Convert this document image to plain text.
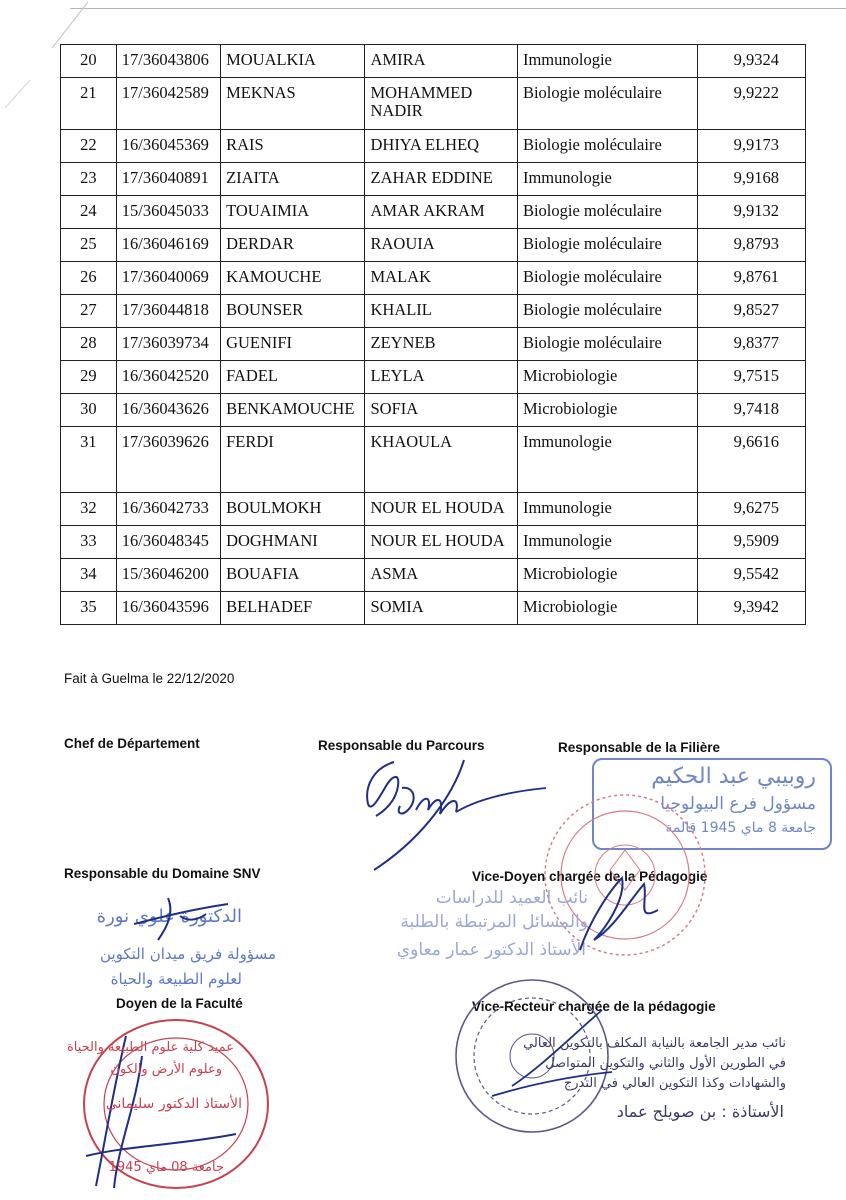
20	17/36043806	MOUALKIA	AMIRA	Immunologie	9,9324
21	17/36042589	MEKNAS	MOHAMMED NADIR	Biologie moléculaire	9,9222
22	16/36045369	RAIS	DHIYA ELHEQ	Biologie moléculaire	9,9173
23	17/36040891	ZIAITA	ZAHAR EDDINE	Immunologie	9,9168
24	15/36045033	TOUAIMIA	AMAR AKRAM	Biologie moléculaire	9,9132
25	16/36046169	DERDAR	RAOUIA	Biologie moléculaire	9,8793
26	17/36040069	KAMOUCHE	MALAK	Biologie moléculaire	9,8761
27	17/36044818	BOUNSER	KHALIL	Biologie moléculaire	9,8527
28	17/36039734	GUENIFI	ZEYNEB	Biologie moléculaire	9,8377
29	16/36042520	FADEL	LEYLA	Microbiologie	9,7515
30	16/36043626	BENKAMOUCHE	SOFIA	Microbiologie	9,7418
31	17/36039626	FERDI	KHAOULA	Immunologie	9,6616
32	16/36042733	BOULMOKH	NOUR EL HOUDA	Immunologie	9,6275
33	16/36048345	DOGHMANI	NOUR EL HOUDA	Immunologie	9,5909
34	15/36046200	BOUAFIA	ASMA	Microbiologie	9,5542
35	16/36043596	BELHADEF	SOMIA	Microbiologie	9,3942
Fait à Guelma le 22/12/2020
Chef de Département	Responsable du Parcours	Responsable de la Filière
Responsable du Domaine SNV	Vice-Doyen chargée de la Pédagogie
Doyen de la Faculté	Vice-Recteur chargée de la pédagogie
روبيبي عبد الحكيم
مسؤول فرع البيولوجيا
جامعة 8 ماي 1945 قالمة
نائب العميد للدراسات
والمسائل المرتبطة بالطلبة
الأستاذ الدكتور عمار معاوي
الدكتورة علوي نورة
مسؤولة فريق ميدان التكوين
لعلوم الطبيعة والحياة
عميد كلية علوم الطبيعة والحياة
وعلوم الأرض والكون
الأستاذ الدكتور سليماني
جامعة 08 ماي 1945
نائب مدير الجامعة بالنيابة المكلف بالتكوين العالي
في الطورين الأول والثاني والتكوين المتواصل
والشهادات وكذا التكوين العالي في التدرج
الأستاذة : بن صويلح عماد
